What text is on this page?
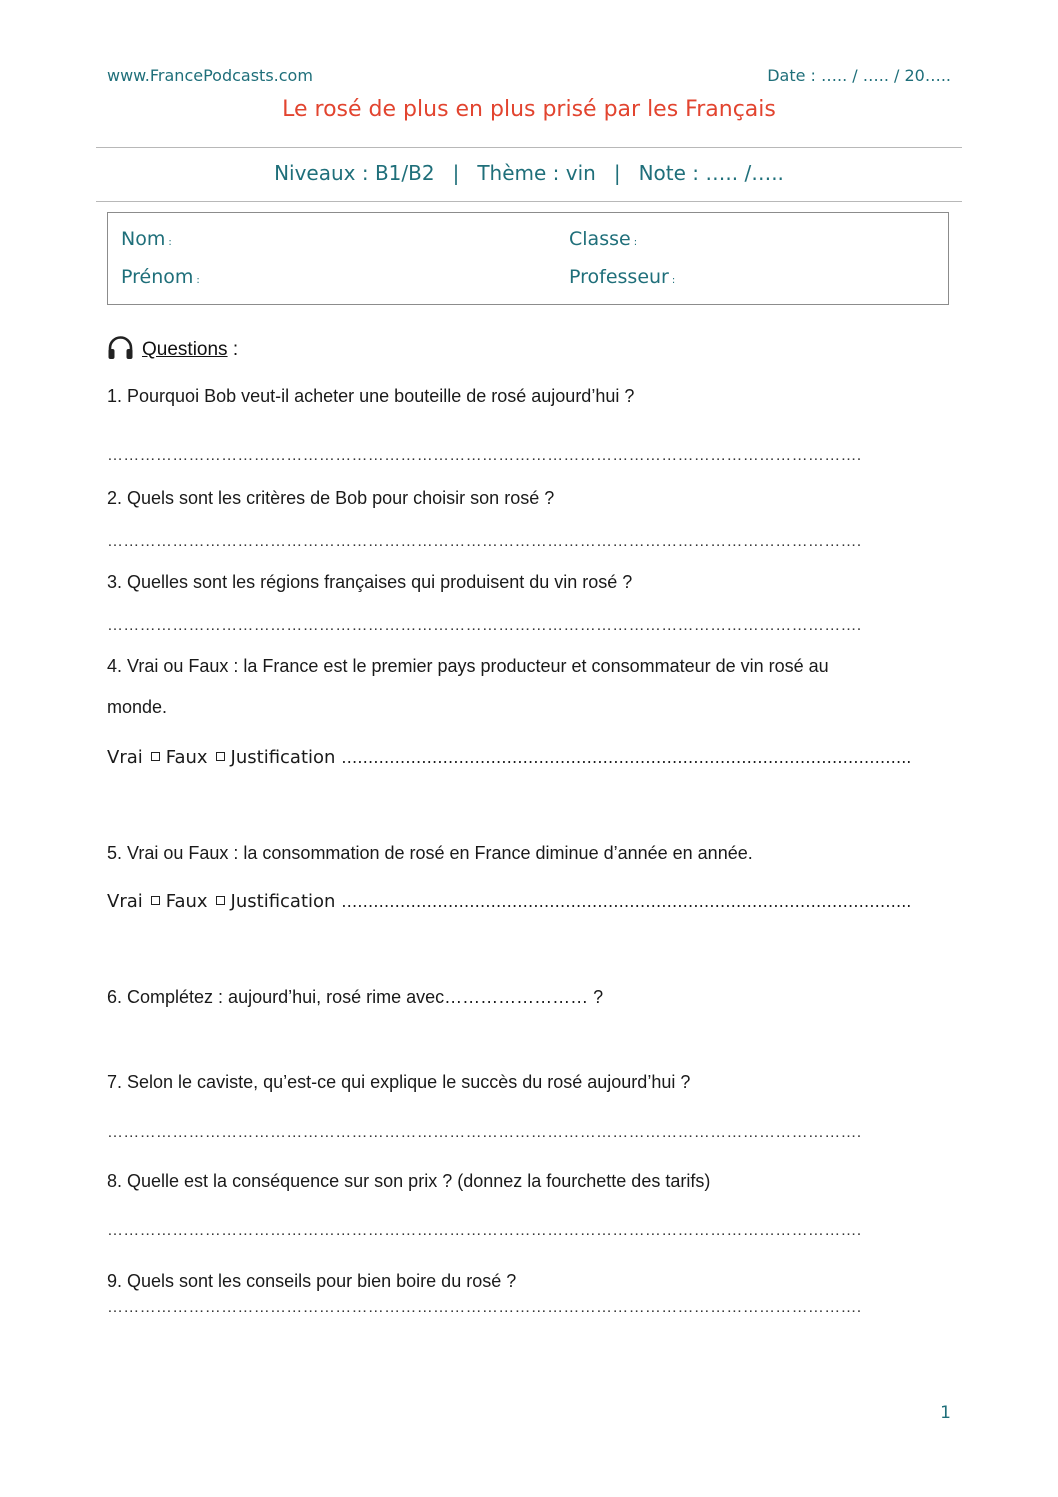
www.FrancePodcasts.com	Date : ….. / ….. / 20…..
Le rosé de plus en plus prisé par les Français
Niveaux : B1/B2 | Thème : vin | Note : ….. /…..
Nom :	Classe :
Prénom :	Professeur :
Questions :
1. Pourquoi Bob veut-il acheter une bouteille de rosé aujourd’hui ?
………………………………………………………………………………………………………………………….
2. Quels sont les critères de Bob pour choisir son rosé ?
………………………………………………………………………………………………………………………….
3. Quelles sont les régions françaises qui produisent du vin rosé ?
………………………………………………………………………………………………………………………….
4. Vrai ou Faux : la France est le premier pays producteur et consommateur de vin rosé au
monde.
Vrai Faux Justification ……………………………………………………………………………………………..
5. Vrai ou Faux : la consommation de rosé en France diminue d’année en année.
Vrai Faux Justification ……………………………………………………………………………………………..
6. Complétez : aujourd’hui, rosé rime avec…………………… ?
7. Selon le caviste, qu’est-ce qui explique le succès du rosé aujourd’hui ?
………………………………………………………………………………………………………………………….
8. Quelle est la conséquence sur son prix ? (donnez la fourchette des tarifs)
………………………………………………………………………………………………………………………….
9. Quels sont les conseils pour bien boire du rosé ?
………………………………………………………………………………………………………………………….
1
